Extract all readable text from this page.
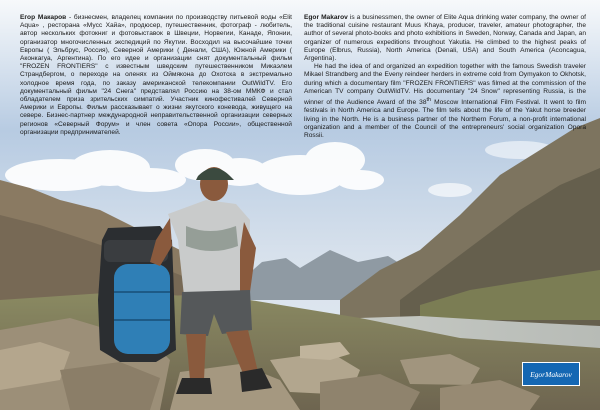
Егор Макаров - бизнесмен, владелец компании по производству питьевой воды «Elit Aqua» , ресторана «Мусс Хайа», продюсер, путешественник, фотограф - любитель, автор нескольких фотокниг и фотовыставок в Швеции, Норвегии, Канаде, Японии, организатор многочисленных экспедиций по Якутии. Восходил на высочайшие точки Европы ( Эльбрус, Россия), Северной Америки ( Денали, США), Южной Америки ( Аконкагуа, Аргентина). По его идее и организации снят документальный фильм "FROZEN FRONTIERS" с известным шведским путешественником Микаэлем Страндбергом, о переходе на оленях из Оймякона до Охотска в экстремально холодное время года, по заказу американской телекомпании OutWildTV. Его документальный фильм "24 Снега" представлял Россию на 38-ом ММКФ и стал обладателем приза зрительских симпатий. Участник кинофестивалей Северной Америки и Европы. Фильм рассказывает о жизни якутского коневода, живущего на севере. Бизнес-партнер международной неправительственной организации северных регионов «Северный Форум» и член совета «Опора России», общественной организации предпринимателей.

Egor Makarov is a businessmen, the owner of Elite Aqua drinking water company, the owner of the traditional cuisine restaurant Muus Khaya, producer, traveler, amateur photographer, the author of several photo-books and photo exhibitions in Sweden, Norway, Canada and Japan, an organizer of numerous expeditions throughout Yakutia. He climbed to the highest peaks of Europe (Elbrus, Russia), North America (Denali, USA) and South America (Aconcagua, Argentina).

He had the idea of and organized an expedition together with the famous Swedish traveler Mikael Strandberg and the Eveny reindeer herders in extreme cold from Oymyakon to Okhotsk, during which a documentary film "FROZEN FRONTIERS" was filmed at the commission of the American TV company OutWildTV. His documentary "24 Snow" representing Russia, is the winner of the Audience Award of the 38th Moscow International Film Festival. It went to film festivals in North America and Europe. The film tells about the life of the Yakut horse breeder living in the North. He is a business partner of the Northern Forum, a non-profit international organization and a member of the Council of the entrepreneurs' social organization Opora Rossii.

EgorMakarov
